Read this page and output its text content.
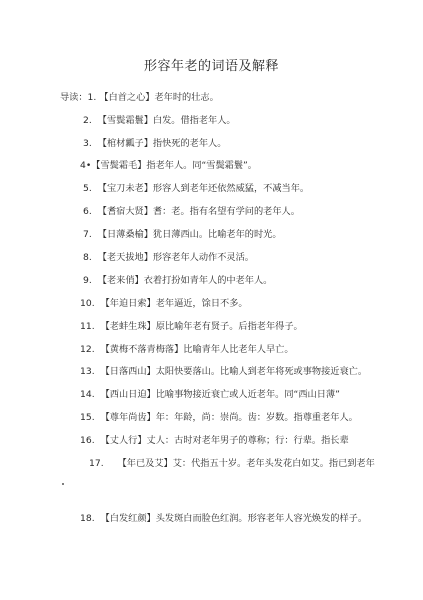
形容年老的词语及解释
导读：1. 【白首之心】老年时的壮志。
2. 【雪鬓霜鬟】白发。借指老年人。
3. 【棺材瓤子】指快死的老年人。
4•【雪鬓霜毛】指老年人。同“雪鬓霜鬟”。
5. 【宝刀未老】形容人到老年还依然威猛，不减当年。
6. 【耆宿大贤】耆：老。指有名望有学问的老年人。
7. 【日薄桑榆】犹日薄西山。比喻老年的时光。
8. 【老天拔地】形容老年人动作不灵活。
9. 【老来俏】衣着打扮如青年人的中老年人。
10. 【年迫日索】老年逼近，馀日不多。
11. 【老蚌生珠】原比喻年老有贤子。后指老年得子。
12. 【黄梅不落青梅落】比喻青年人比老年人早亡。
13. 【日落西山】太阳快要落山。比喻人到老年将死或事物接近衰亡。
14. 【西山日迫】比喻事物接近衰亡或人近老年。同“西山日薄”
15. 【尊年尚齿】年：年龄，尚：崇尚。齿：岁数。指尊重老年人。
16. 【丈人行】丈人：古时对老年男子的尊称；行：行辈。指长辈
17. 【年已及艾】艾：代指五十岁。老年头发花白如艾。指已到老年
18. 【白发红颜】头发斑白而脸色红润。形容老年人容光焕发的样子。
